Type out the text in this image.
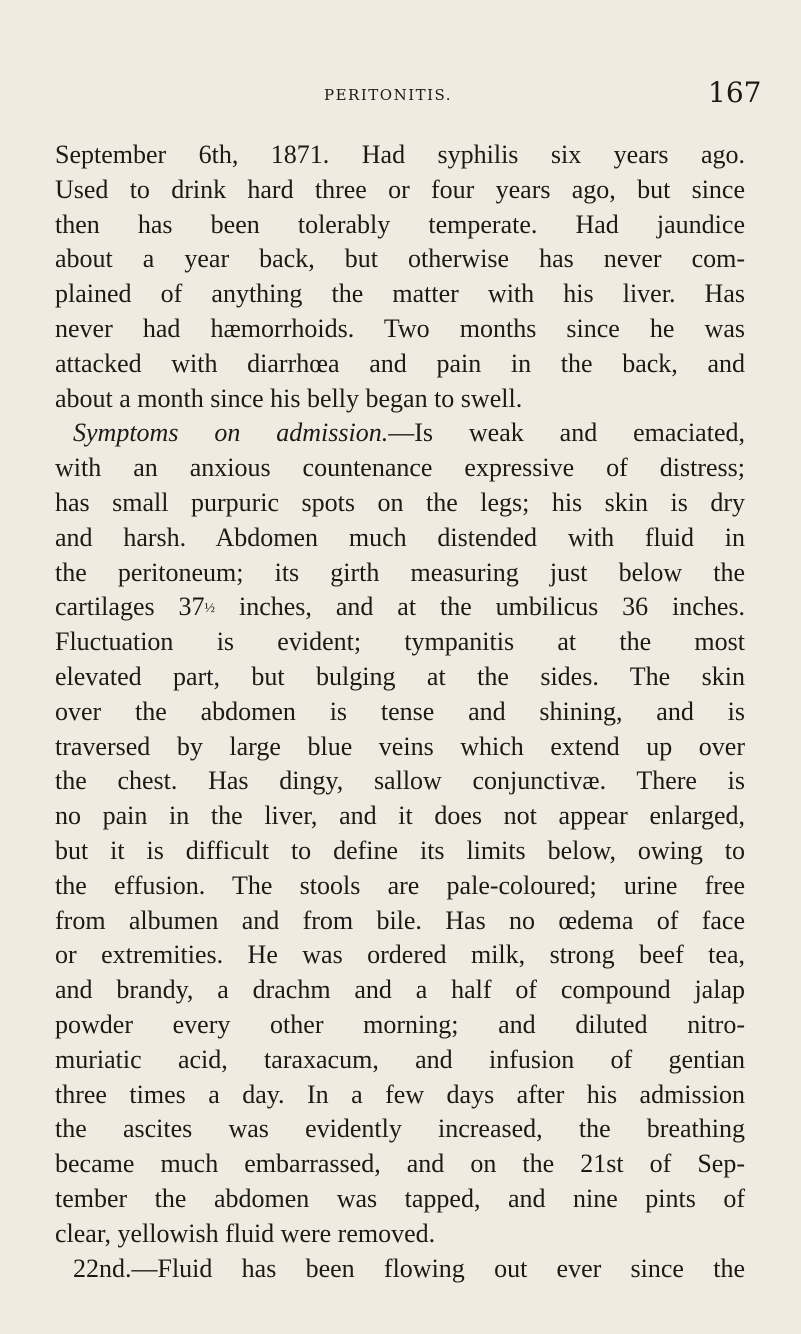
PERITONITIS.	167
September 6th, 1871. Had syphilis six years ago.
Used to drink hard three or four years ago, but since
then has been tolerably temperate. Had jaundice
about a year back, but otherwise has never com-
plained of anything the matter with his liver. Has
never had hæmorrhoids. Two months since he was
attacked with diarrhœa and pain in the back, and
about a month since his belly began to swell.
Symptoms on admission.—Is weak and emaciated,
with an anxious countenance expressive of distress;
has small purpuric spots on the legs; his skin is dry
and harsh. Abdomen much distended with fluid in
the peritoneum; its girth measuring just below the
cartilages 37½ inches, and at the umbilicus 36 inches.
Fluctuation is evident; tympanitis at the most
elevated part, but bulging at the sides. The skin
over the abdomen is tense and shining, and is
traversed by large blue veins which extend up over
the chest. Has dingy, sallow conjunctivæ. There is
no pain in the liver, and it does not appear enlarged,
but it is difficult to define its limits below, owing to
the effusion. The stools are pale-coloured; urine free
from albumen and from bile. Has no œdema of face
or extremities. He was ordered milk, strong beef tea,
and brandy, a drachm and a half of compound jalap
powder every other morning; and diluted nitro-
muriatic acid, taraxacum, and infusion of gentian
three times a day. In a few days after his admission
the ascites was evidently increased, the breathing
became much embarrassed, and on the 21st of Sep-
tember the abdomen was tapped, and nine pints of
clear, yellowish fluid were removed.
22nd.—Fluid has been flowing out ever since the
